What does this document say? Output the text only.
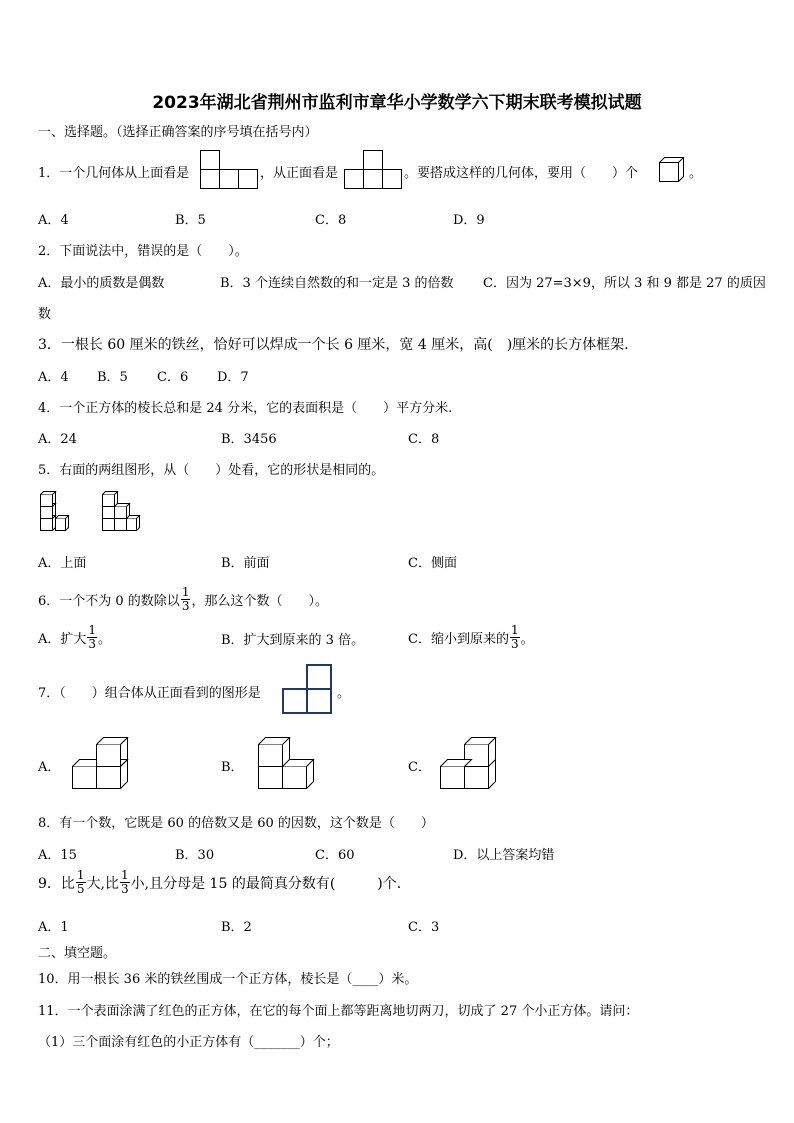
2023年湖北省荆州市监利市章华小学数学六下期末联考模拟试题
一、选择题。（选择正确答案的序号填在括号内）
1．一个几何体从上面看是	，从正面看是	。要搭成这样的几何体，要用（　　）个	。
A．4	B．5	C．8	D．9
2．下面说法中，错误的是（　　）。
A．最小的质数是偶数	B．3 个连续自然数的和一定是 3 的倍数 C．因为 27=3×9，所以 3 和 9 都是 27 的质因
数
3．一根长 60 厘米的铁丝，恰好可以焊成一个长 6 厘米，宽 4 厘米，高(　)厘米的长方体框架.
A．4 B．5 C．6 D．7
4．一个正方体的棱长总和是 24 分米，它的表面积是（　　）平方分米.
A．24	B．3456	C．8
5．右面的两组图形，从（　　）处看，它的形状是相同的。
A．上面	B．前面	C．侧面
6．一个不为 0 的数除以 $\frac{1}{3}$ ，那么这个数（　　）。
A．扩大 $\frac{1}{3}$ 。	B．扩大到原来的 3 倍。	C．缩小到原来的 $\frac{1}{3}$ 。
7．（　　）组合体从正面看到的图形是	。
A．	B．	C．
8．有一个数，它既是 60 的倍数又是 60 的因数，这个数是（　　）
A．15	B．30	C．60	D．以上答案均错
9．比 $\frac{1}{5}$ 大,比 $\frac{1}{3}$ 小,且分母是 15 的最简真分数有(　　　)个.
A．1	B．2	C．3
二、填空题。
10．用一根长 36 米的铁丝围成一个正方体，棱长是（____）米。
11．一个表面涂满了红色的正方体，在它的每个面上都等距离地切两刀，切成了 27 个小正方体。请问：
（1）三个面涂有红色的小正方体有（_______）个；
